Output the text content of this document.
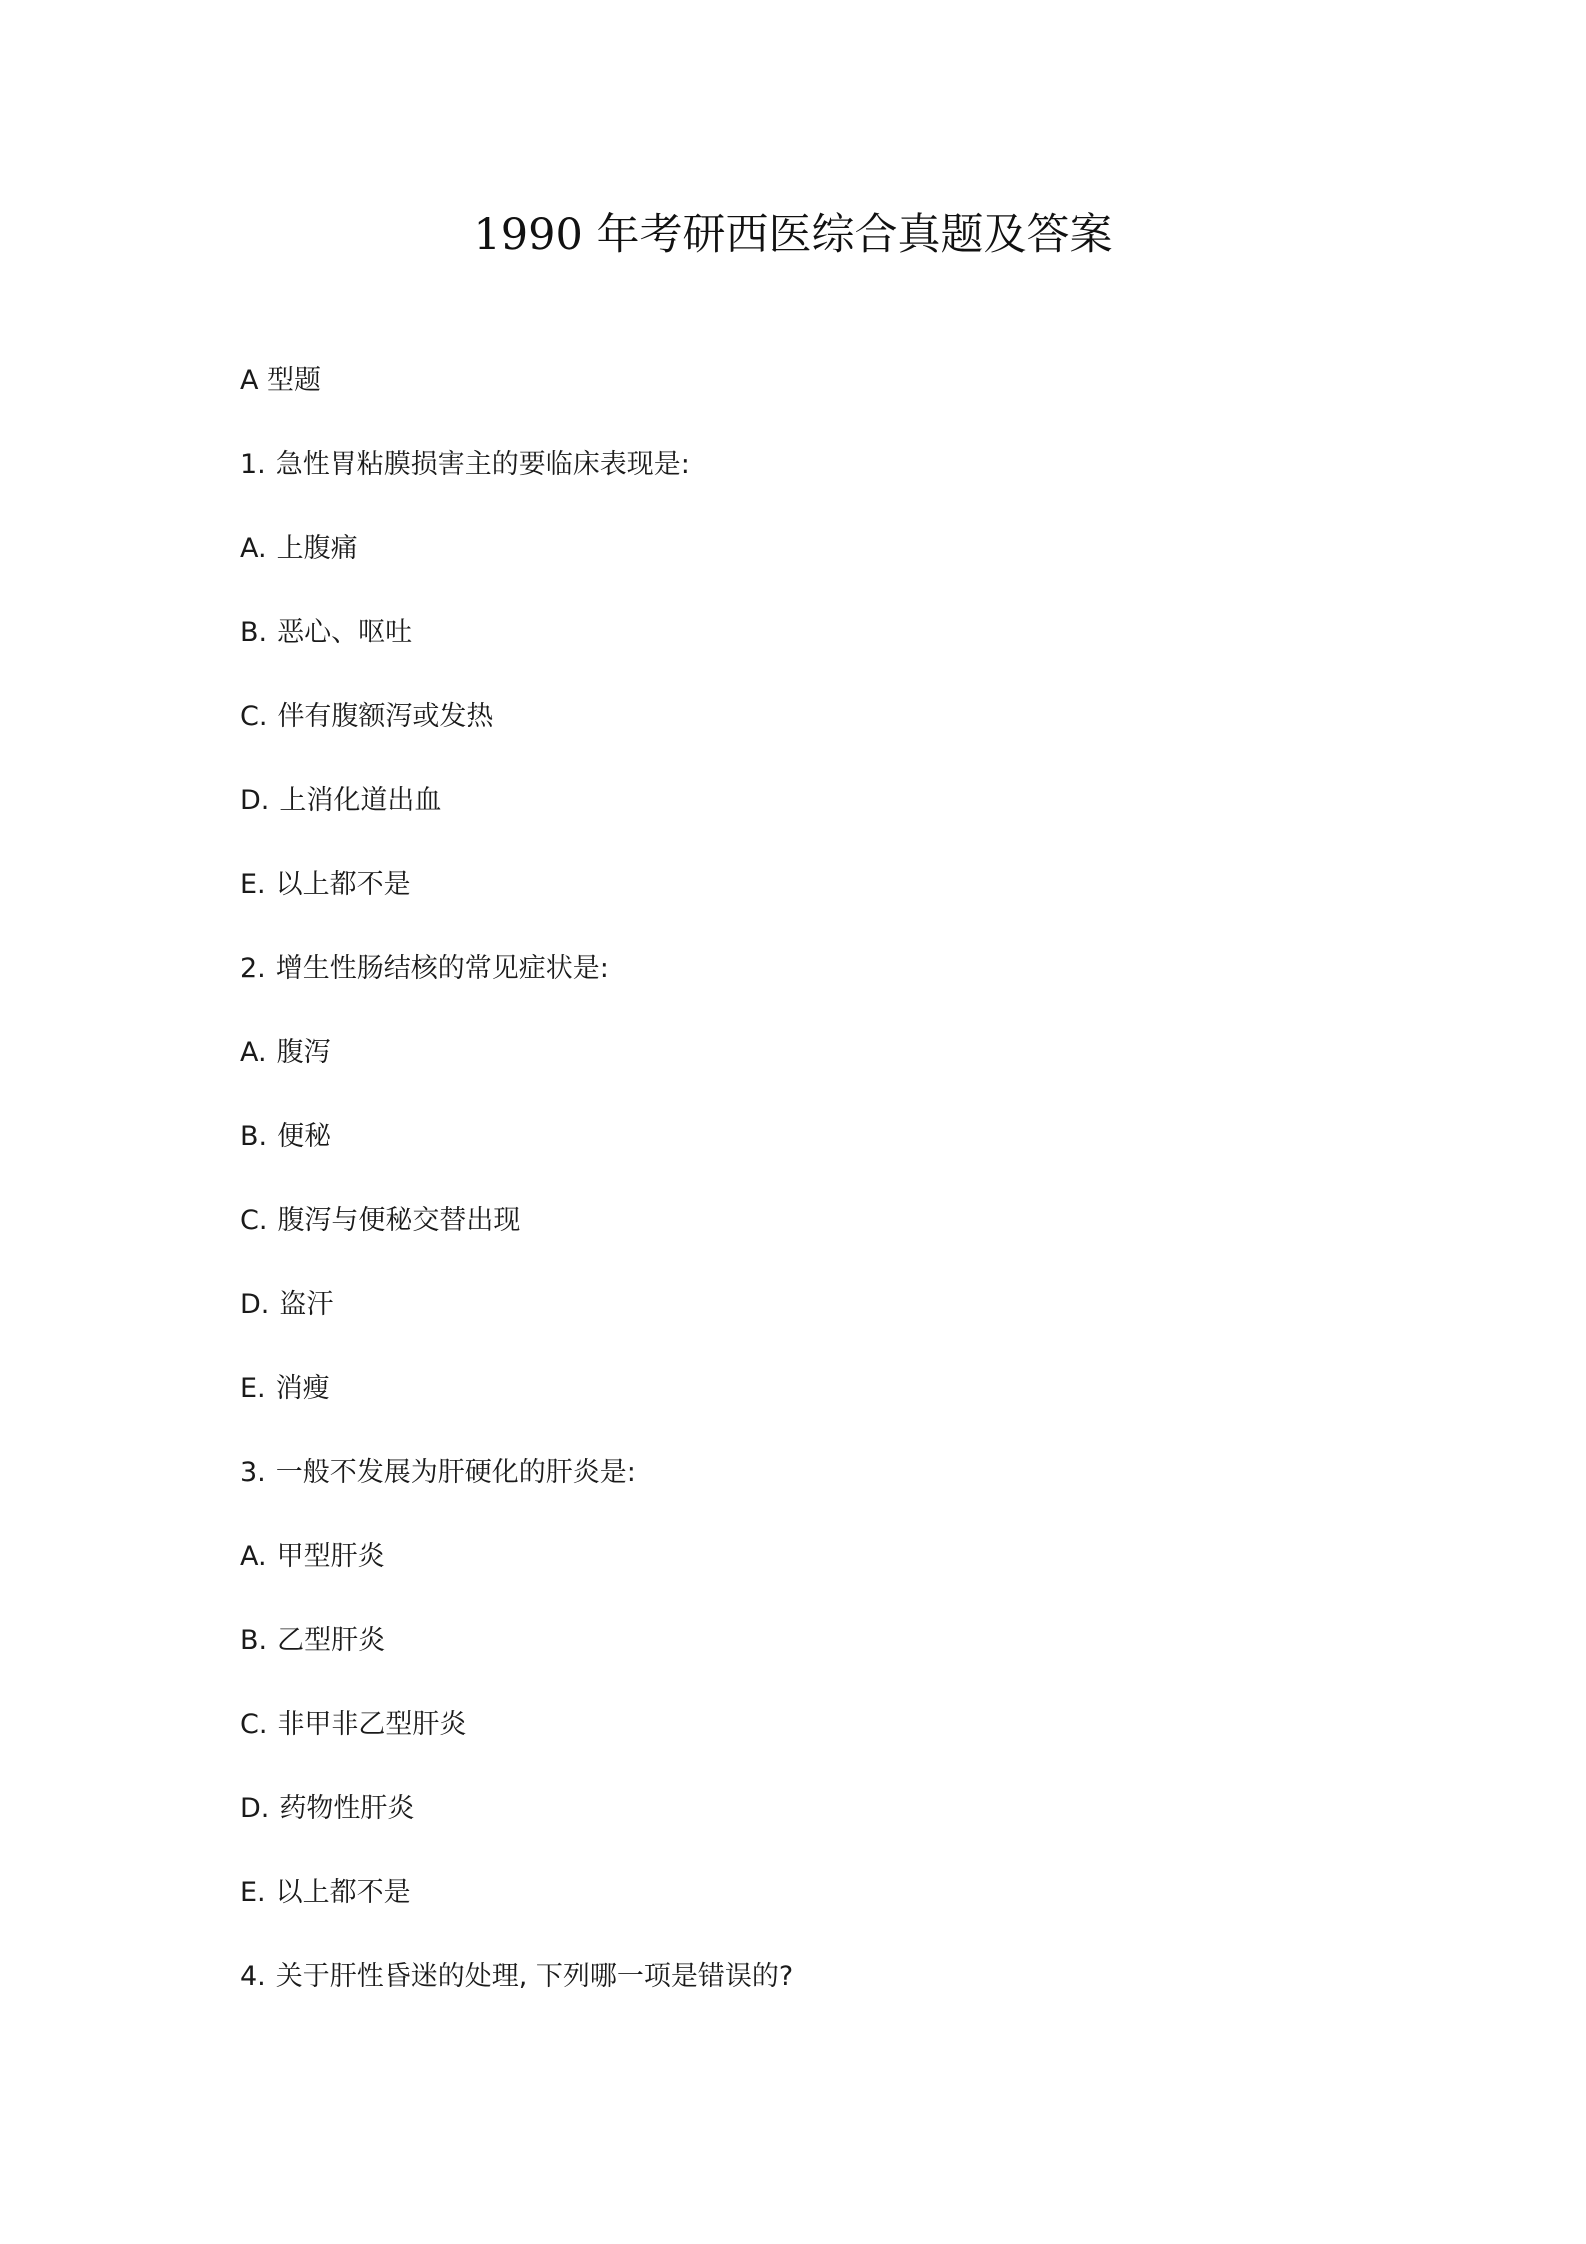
1990 年考研西医综合真题及答案
A 型题
1. 急性胃粘膜损害主的要临床表现是:
A. 上腹痛
B. 恶心、呕吐
C. 伴有腹额泻或发热
D. 上消化道出血
E. 以上都不是
2. 增生性肠结核的常见症状是:
A. 腹泻
B. 便秘
C. 腹泻与便秘交替出现
D. 盗汗
E. 消瘦
3. 一般不发展为肝硬化的肝炎是:
A. 甲型肝炎
B. 乙型肝炎
C. 非甲非乙型肝炎
D. 药物性肝炎
E. 以上都不是
4. 关于肝性昏迷的处理, 下列哪一项是错误的?
